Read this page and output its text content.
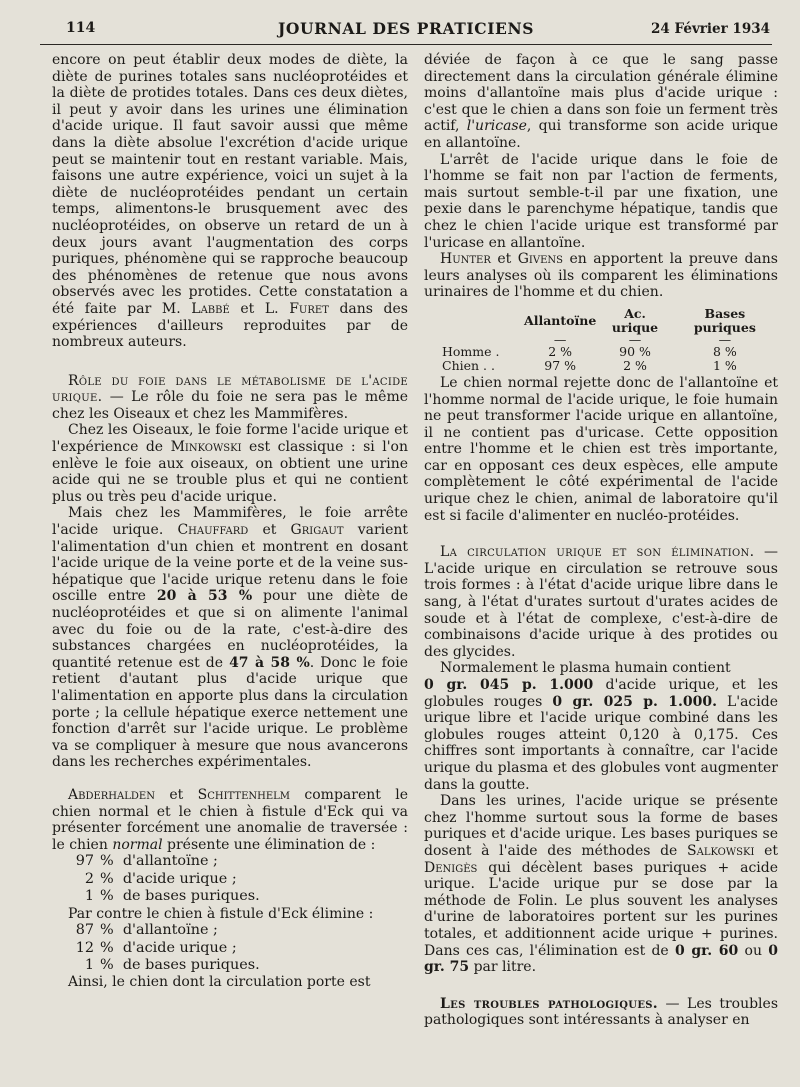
114	JOURNAL DES PRATICIENS	24 Février 1934

encore on peut établir deux modes de diète, la diète de purines totales sans nucléoprotéides et la diète de protides totales. Dans ces deux diètes, il peut y avoir dans les urines une élimination d'acide urique. Il faut savoir aussi que même dans la diète absolue l'excrétion d'acide urique peut se maintenir tout en restant variable. Mais, faisons une autre expérience, voici un sujet à la diète de nucléoprotéides pendant un certain temps, alimentons-le brusquement avec des nucléoprotéides, on observe un retard de un à deux jours avant l'augmentation des corps puriques, phénomène qui se rapproche beaucoup des phénomènes de retenue que nous avons observés avec les protides. Cette constatation a été faite par M. Labbé et L. Furet dans des expériences d'ailleurs reproduites par de nombreux auteurs.

Rôle du foie dans le métabolisme de l'acide urique. — Le rôle du foie ne sera pas le même chez les Oiseaux et chez les Mammifères.

Chez les Oiseaux, le foie forme l'acide urique et l'expérience de Minkowski est classique : si l'on enlève le foie aux oiseaux, on obtient une urine acide qui ne se trouble plus et qui ne contient plus ou très peu d'acide urique.

Mais chez les Mammifères, le foie arrête l'acide urique. Chauffard et Grigaut varient l'alimentation d'un chien et montrent en dosant l'acide urique de la veine porte et de la veine sus-hépatique que l'acide urique retenu dans le foie oscille entre 20 à 53 % pour une diète de nucléoprotéides et que si on alimente l'animal avec du foie ou de la rate, c'est-à-dire des substances chargées en nucléoprotéides, la quantité retenue est de 47 à 58 %. Donc le foie retient d'autant plus d'acide urique que l'alimentation en apporte plus dans la circulation porte ; la cellule hépatique exerce nettement une fonction d'arrêt sur l'acide urique. Le problème va se compliquer à mesure que nous avancerons dans les recherches expérimentales.

Abderhalden et Schittenhelm comparent le chien normal et le chien à fistule d'Eck qui va présenter forcément une anomalie de traversée : le chien normal présente une élimination de :

97 %
d'allantoïne ;
2 %
d'acide urique ;
1 %
de bases puriques.

Par contre le chien à fistule d'Eck élimine :

87 %
d'allantoïne ;
12 %
d'acide urique ;
1 %
de bases puriques.

Ainsi, le chien dont la circulation porte est

déviée de façon à ce que le sang passe directement dans la circulation générale élimine moins d'allantoïne mais plus d'acide urique : c'est que le chien a dans son foie un ferment très actif, l'uricase, qui transforme son acide urique en allantoïne.

L'arrêt de l'acide urique dans le foie de l'homme se fait non par l'action de ferments, mais surtout semble-t-il par une fixation, une pexie dans le parenchyme hépatique, tandis que chez le chien l'acide urique est transformé par l'uricase en allantoïne.

Hunter et Givens en apportent la preuve dans leurs analyses où ils comparent les éliminations urinaires de l'homme et du chien.

	Allantoïne	Ac. urique	Bases puriques
	—	—	—
Homme .	2 %	90 %	8 %
Chien . .	97 %	2 %	1 %

Le chien normal rejette donc de l'allantoïne et l'homme normal de l'acide urique, le foie humain ne peut transformer l'acide urique en allantoïne, il ne contient pas d'uricase. Cette opposition entre l'homme et le chien est très importante, car en opposant ces deux espèces, elle ampute complètement le côté expérimental de l'acide urique chez le chien, animal de laboratoire qu'il est si facile d'alimenter en nucléo-protéides.

La circulation urique et son élimination. — L'acide urique en circulation se retrouve sous trois formes : à l'état d'acide urique libre dans le sang, à l'état d'urates surtout d'urates acides de soude et à l'état de complexe, c'est-à-dire de combinaisons d'acide urique à des protides ou des glycides.

Normalement le plasma humain contient

0 gr. 045 p. 1.000 d'acide urique, et les globules rouges 0 gr. 025 p. 1.000. L'acide urique libre et l'acide urique combiné dans les globules rouges atteint 0,120 à 0,175. Ces chiffres sont importants à connaître, car l'acide urique du plasma et des globules vont augmenter dans la goutte.

Dans les urines, l'acide urique se présente chez l'homme surtout sous la forme de bases puriques et d'acide urique. Les bases puriques se dosent à l'aide des méthodes de Salkowski et Denigès qui décèlent bases puriques + acide urique. L'acide urique pur se dose par la méthode de Folin. Le plus souvent les analyses d'urine de laboratoires portent sur les purines totales, et additionnent acide urique + purines. Dans ces cas, l'élimination est de 0 gr. 60 ou 0 gr. 75 par litre.

Les troubles pathologiques. — Les troubles pathologiques sont intéressants à analyser en
